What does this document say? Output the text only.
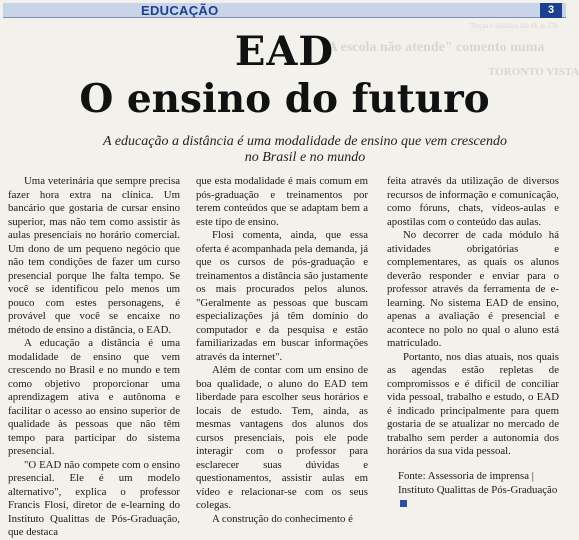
EDUCAÇÃO	3
"A escola não atende" comento numa
TORONTO VISTA
Terças e Sábados das 8h às 17h
EAD
O ensino do futuro
A educação a distância é uma modalidade de ensino que vem crescendo no Brasil e no mundo

Uma veterinária que sempre precisa fazer hora extra na clínica. Um bancário que gostaria de cursar ensino superior, mas não tem como assistir às aulas presenciais no horário comercial. Um dono de um pequeno negócio que não tem condições de fazer um curso presencial porque lhe falta tempo. Se você se identificou pelo menos um pouco com estes personagens, é provável que você se encaixe no método de ensino a distância, o EAD.

A educação a distância é uma modalidade de ensino que vem crescendo no Brasil e no mundo e tem como objetivo proporcionar uma aprendizagem ativa e autônoma e facilitar o acesso ao ensino superior de qualidade às pessoas que não têm tempo para participar do sistema presencial.

"O EAD não compete com o ensino presencial. Ele é um modelo alternativo", explica o professor Francis Flosi, diretor de e-learning do Instituto Qualittas de Pós-Graduação, que destaca

que esta modalidade é mais comum em pós-graduação e treinamentos por terem conteúdos que se adaptam bem a este tipo de ensino.

Flosi comenta, ainda, que essa oferta é acompanhada pela demanda, já que os cursos de pós-graduação e treinamentos a distância são justamente os mais procurados pelos alunos. "Geralmente as pessoas que buscam especializações já têm domínio do computador e da pesquisa e estão familiarizadas em buscar informações através da internet".

Além de contar com um ensino de boa qualidade, o aluno do EAD tem liberdade para escolher seus horários e locais de estudo. Tem, ainda, as mesmas vantagens dos alunos dos cursos presenciais, pois ele pode interagir com o professor para esclarecer suas dúvidas e questionamentos, assistir aulas em vídeo e relacionar-se com os seus colegas.

A construção do conhecimento é

feita através da utilização de diversos recursos de informação e comunicação, como fóruns, chats, vídeos-aulas e apostilas com o conteúdo das aulas.

No decorrer de cada módulo há atividades obrigatórias e complementares, as quais os alunos deverão responder e enviar para o professor através da ferramenta de e-learning. No sistema EAD de ensino, apenas a avaliação é presencial e acontece no polo no qual o aluno está matriculado.

Portanto, nos dias atuais, nos quais as agendas estão repletas de compromissos e é difícil de conciliar vida pessoal, trabalho e estudo, o EAD é indicado principalmente para quem gostaria de se atualizar no mercado de trabalho sem perder a autonomia dos horários da sua vida pessoal.

Fonte: Assessoria de imprensa | Instituto Qualittas de Pós-Graduação
